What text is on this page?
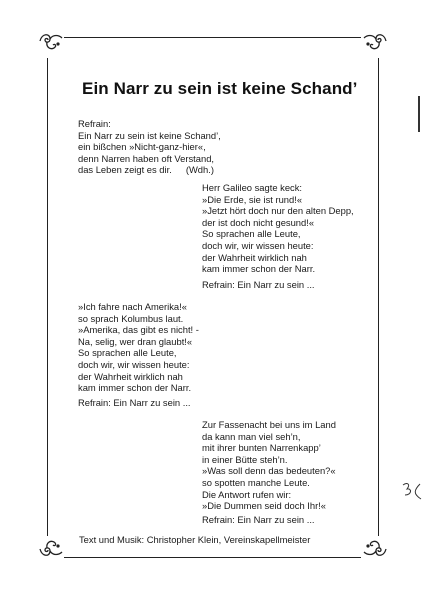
Ein Narr zu sein ist keine Schand’
Refrain:
Ein Narr zu sein ist keine Schand’,
ein bißchen »Nicht-ganz-hier«,
denn Narren haben oft Verstand,
das Leben zeigt es dir. (Wdh.)
Herr Galileo sagte keck:
»Die Erde, sie ist rund!«
»Jetzt hört doch nur den alten Depp,
der ist doch nicht gesund!«
So sprachen alle Leute,
doch wir, wir wissen heute:
der Wahrheit wirklich nah
kam immer schon der Narr.
Refrain: Ein Narr zu sein ...
»Ich fahre nach Amerika!«
so sprach Kolumbus laut.
»Amerika, das gibt es nicht! -
Na, selig, wer dran glaubt!«
So sprachen alle Leute,
doch wir, wir wissen heute:
der Wahrheit wirklich nah
kam immer schon der Narr.
Refrain: Ein Narr zu sein ...
Zur Fassenacht bei uns im Land
da kann man viel seh’n,
mit ihrer bunten Narrenkapp’
in einer Bütte steh’n.
»Was soll denn das bedeuten?«
so spotten manche Leute.
Die Antwort rufen wir:
»Die Dummen seid doch Ihr!«
Refrain: Ein Narr zu sein ...
Text und Musik: Christopher Klein, Vereinskapellmeister
